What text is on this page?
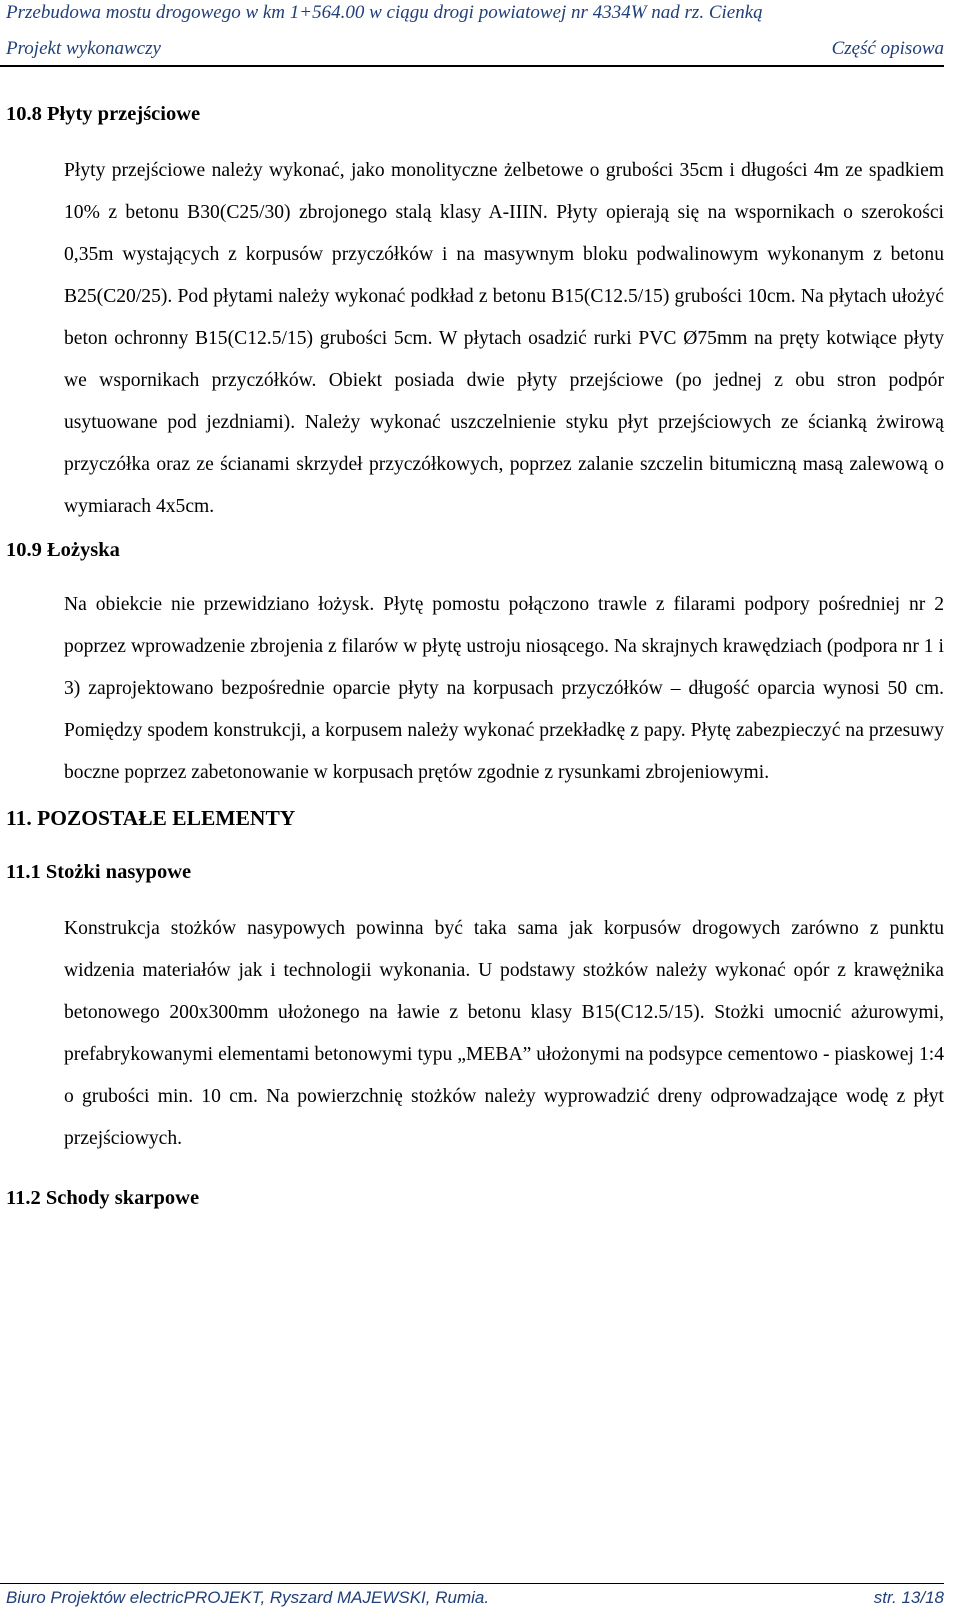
Przebudowa mostu drogowego w km 1+564.00 w ciągu drogi powiatowej nr 4334W nad rz. Cienką
Projekt wykonawczy	Część opisowa
10.8 Płyty przejściowe

Płyty przejściowe należy wykonać, jako monolityczne żelbetowe o grubości 35cm i długości 4m ze spadkiem 10% z betonu B30(C25/30) zbrojonego stalą klasy A-IIIN. Płyty opierają się na wspornikach o szerokości 0,35m wystających z korpusów przyczółków i na masywnym bloku podwalinowym wykonanym z betonu B25(C20/25). Pod płytami należy wykonać podkład z betonu B15(C12.5/15) grubości 10cm. Na płytach ułożyć beton ochronny B15(C12.5/15) grubości 5cm. W płytach osadzić rurki PVC Ø75mm na pręty kotwiące płyty we wspornikach przyczółków. Obiekt posiada dwie płyty przejściowe (po jednej z obu stron podpór usytuowane pod jezdniami). Należy wykonać uszczelnienie styku płyt przejściowych ze ścianką żwirową przyczółka oraz ze ścianami skrzydeł przyczółkowych, poprzez zalanie szczelin bitumiczną masą zalewową o wymiarach 4x5cm.

10.9 Łożyska

Na obiekcie nie przewidziano łożysk. Płytę pomostu połączono trawle z filarami podpory pośredniej nr 2 poprzez wprowadzenie zbrojenia z filarów w płytę ustroju niosącego. Na skrajnych krawędziach (podpora nr 1 i 3) zaprojektowano bezpośrednie oparcie płyty na korpusach przyczółków – długość oparcia wynosi 50 cm. Pomiędzy spodem konstrukcji, a korpusem należy wykonać przekładkę z papy. Płytę zabezpieczyć na przesuwy boczne poprzez zabetonowanie w korpusach prętów zgodnie z rysunkami zbrojeniowymi.

11. POZOSTAŁE ELEMENTY
11.1 Stożki nasypowe

Konstrukcja stożków nasypowych powinna być taka sama jak korpusów drogowych zarówno z punktu widzenia materiałów jak i technologii wykonania. U podstawy stożków należy wykonać opór z krawężnika betonowego 200x300mm ułożonego na ławie z betonu klasy B15(C12.5/15). Stożki umocnić ażurowymi, prefabrykowanymi elementami betonowymi typu „MEBA” ułożonymi na podsypce cementowo - piaskowej 1:4 o grubości min. 10 cm. Na powierzchnię stożków należy wyprowadzić dreny odprowadzające wodę z płyt przejściowych.

11.2 Schody skarpowe
Biuro Projektów electricPROJEKT, Ryszard MAJEWSKI, Rumia.	str. 13/18
